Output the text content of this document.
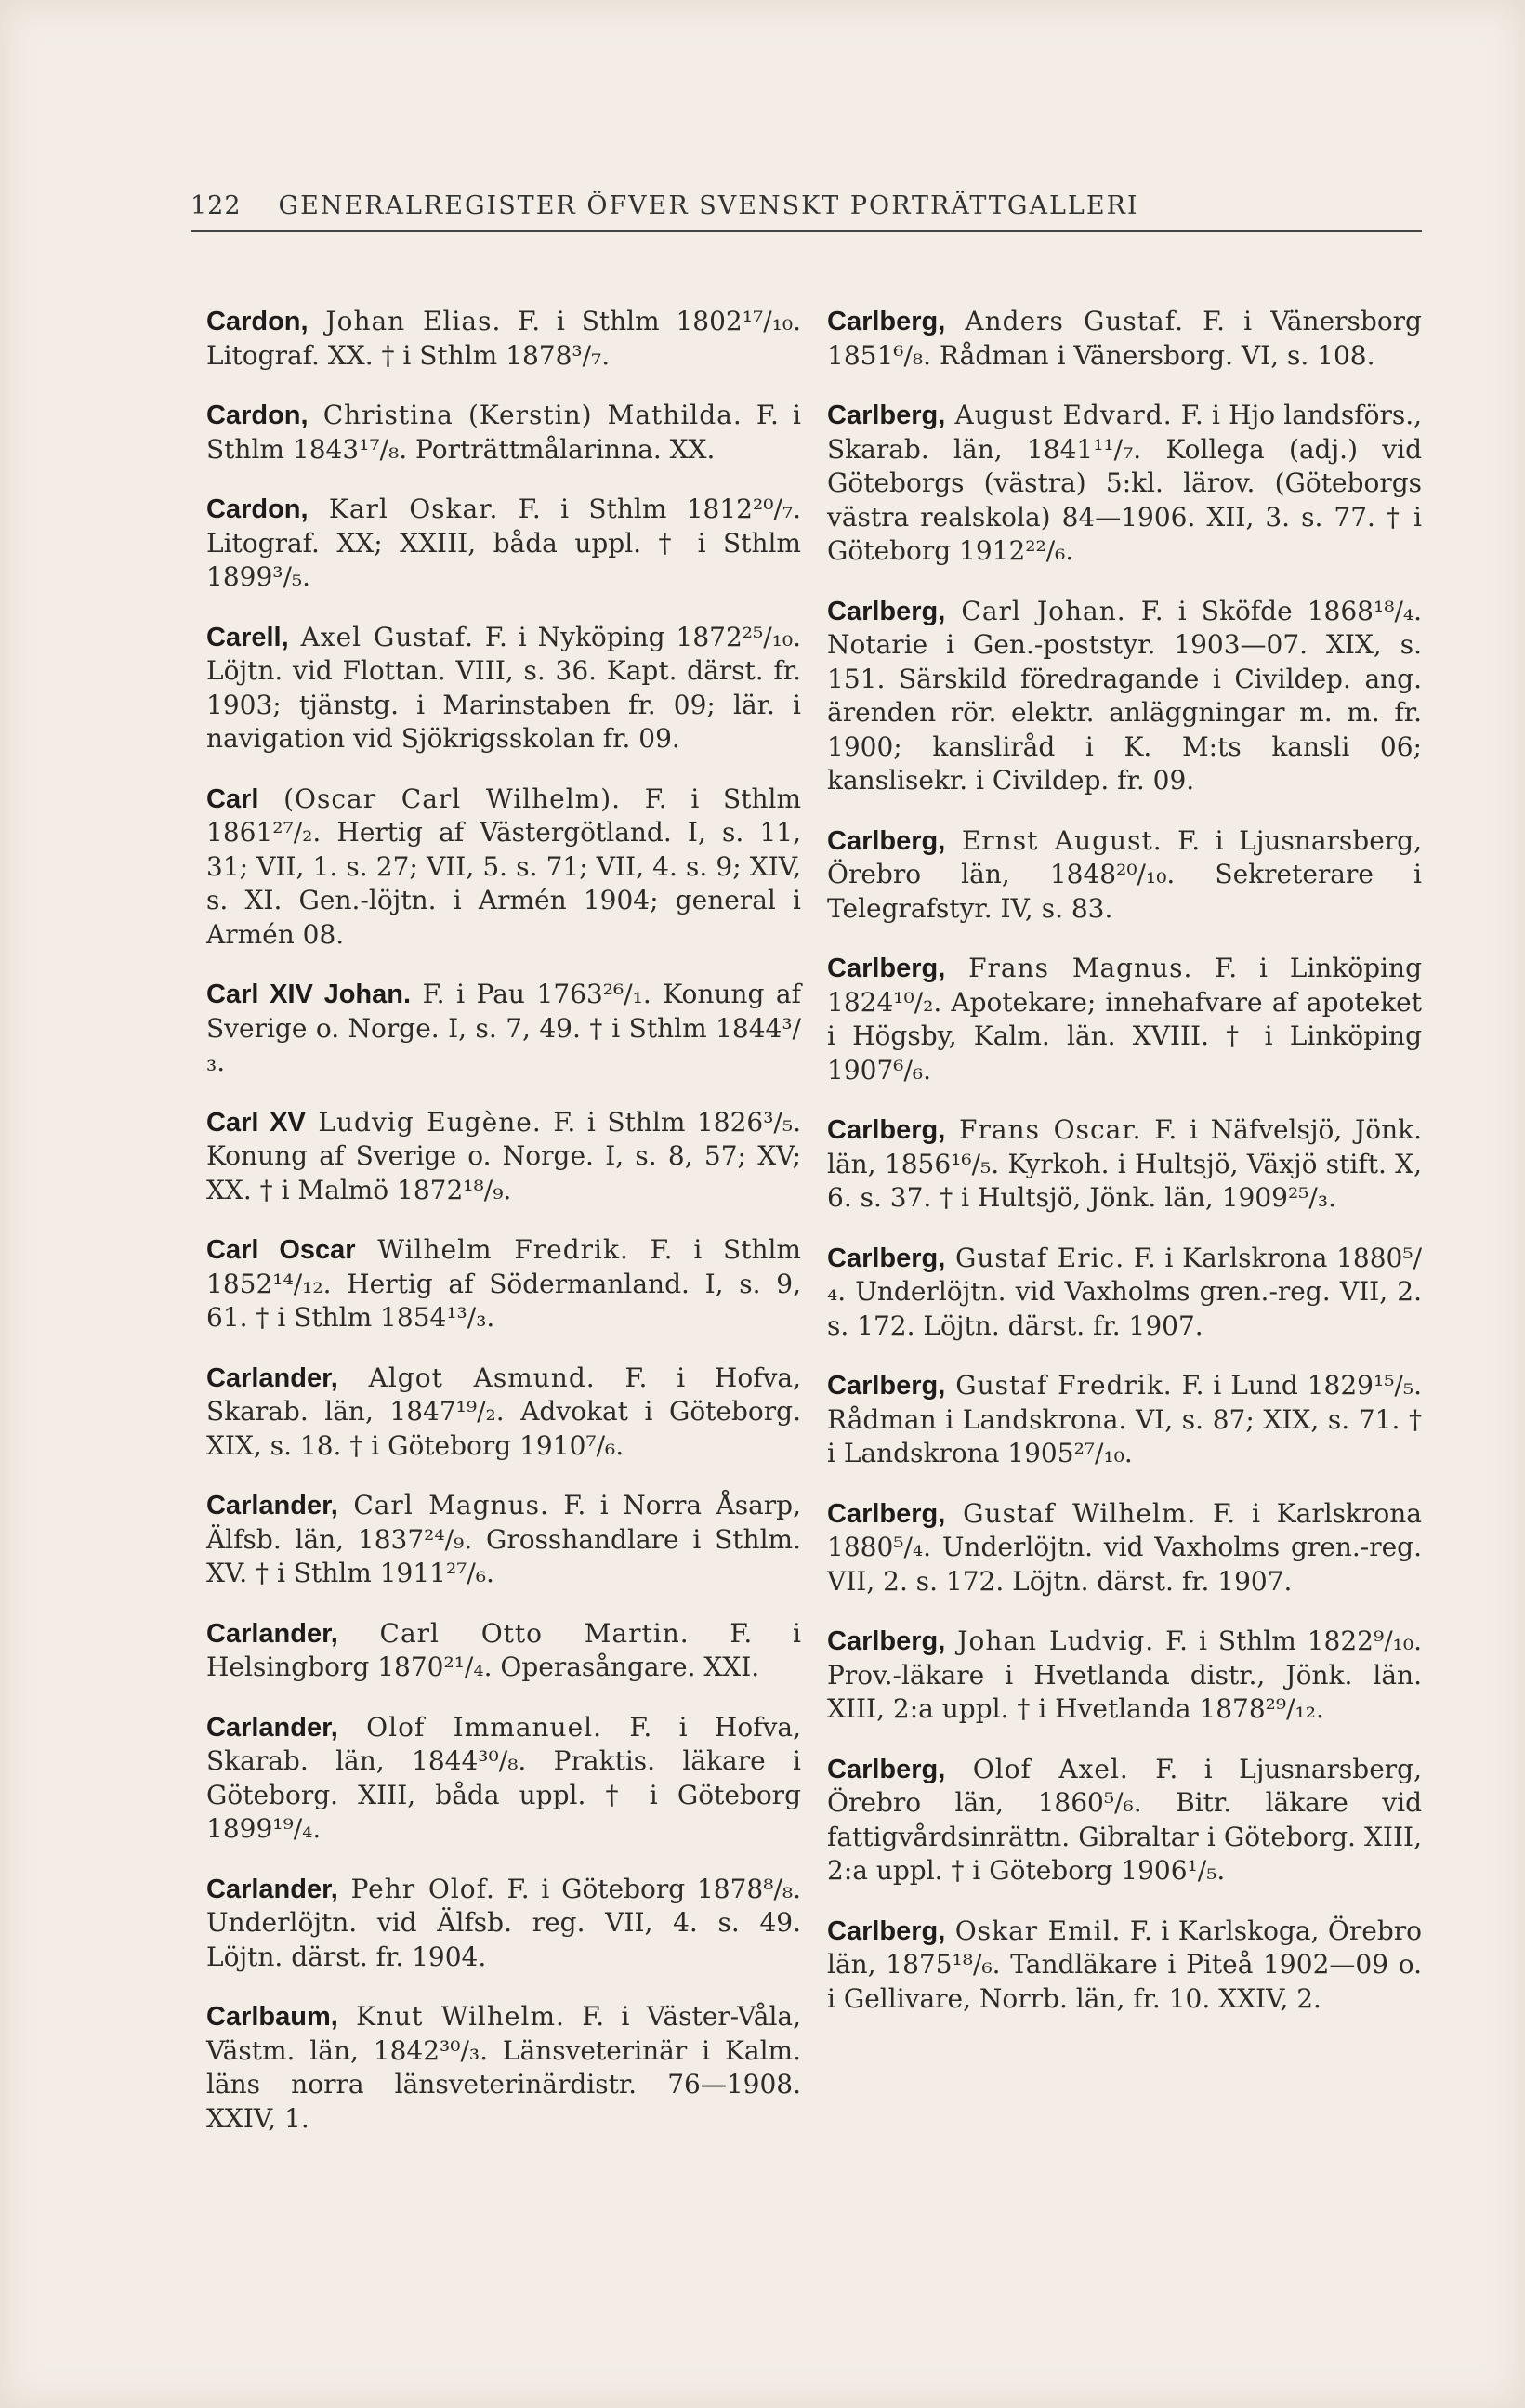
122 GENERALREGISTER ÖFVER SVENSKT PORTRÄTTGALLERI

Cardon, Johan Elias. F. i Sthlm 1802¹⁷/₁₀. Litograf. XX. † i Sthlm 1878³/₇.

Cardon, Christina (Kerstin) Mathilda. F. i Sthlm 1843¹⁷/₈. Porträttmålarinna. XX.

Cardon, Karl Oskar. F. i Sthlm 1812²⁰/₇. Litograf. XX; XXIII, båda uppl. † i Sthlm 1899³/₅.

Carell, Axel Gustaf. F. i Nyköping 1872²⁵/₁₀. Löjtn. vid Flottan. VIII, s. 36. Kapt. därst. fr. 1903; tjänstg. i Marinstaben fr. 09; lär. i navigation vid Sjökrigsskolan fr. 09.

Carl (Oscar Carl Wilhelm). F. i Sthlm 1861²⁷/₂. Hertig af Västergötland. I, s. 11, 31; VII, 1. s. 27; VII, 5. s. 71; VII, 4. s. 9; XIV, s. XI. Gen.-löjtn. i Armén 1904; general i Armén 08.

Carl XIV Johan. F. i Pau 1763²⁶/₁. Konung af Sverige o. Norge. I, s. 7, 49. † i Sthlm 1844³/₃.

Carl XV Ludvig Eugène. F. i Sthlm 1826³/₅. Konung af Sverige o. Norge. I, s. 8, 57; XV; XX. † i Malmö 1872¹⁸/₉.

Carl Oscar Wilhelm Fredrik. F. i Sthlm 1852¹⁴/₁₂. Hertig af Södermanland. I, s. 9, 61. † i Sthlm 1854¹³/₃.

Carlander, Algot Asmund. F. i Hofva, Skarab. län, 1847¹⁹/₂. Advokat i Göteborg. XIX, s. 18. † i Göteborg 1910⁷/₆.

Carlander, Carl Magnus. F. i Norra Åsarp, Älfsb. län, 1837²⁴/₉. Grosshandlare i Sthlm. XV. † i Sthlm 1911²⁷/₆.

Carlander, Carl Otto Martin. F. i Helsingborg 1870²¹/₄. Operasångare. XXI.

Carlander, Olof Immanuel. F. i Hofva, Skarab. län, 1844³⁰/₈. Praktis. läkare i Göteborg. XIII, båda uppl. † i Göteborg 1899¹⁹/₄.

Carlander, Pehr Olof. F. i Göteborg 1878⁸/₈. Underlöjtn. vid Älfsb. reg. VII, 4. s. 49. Löjtn. därst. fr. 1904.

Carlbaum, Knut Wilhelm. F. i Väster-Våla, Västm. län, 1842³⁰/₃. Länsveterinär i Kalm. läns norra länsveterinärdistr. 76—1908. XXIV, 1.

Carlberg, Anders Gustaf. F. i Vänersborg 1851⁶/₈. Rådman i Vänersborg. VI, s. 108.

Carlberg, August Edvard. F. i Hjo landsförs., Skarab. län, 1841¹¹/₇. Kollega (adj.) vid Göteborgs (västra) 5:kl. lärov. (Göteborgs västra realskola) 84—1906. XII, 3. s. 77. † i Göteborg 1912²²/₆.

Carlberg, Carl Johan. F. i Sköfde 1868¹⁸/₄. Notarie i Gen.-poststyr. 1903—07. XIX, s. 151. Särskild föredragande i Civildep. ang. ärenden rör. elektr. anläggningar m. m. fr. 1900; kansliråd i K. M:ts kansli 06; kanslisekr. i Civildep. fr. 09.

Carlberg, Ernst August. F. i Ljusnarsberg, Örebro län, 1848²⁰/₁₀. Sekreterare i Telegrafstyr. IV, s. 83.

Carlberg, Frans Magnus. F. i Linköping 1824¹⁰/₂. Apotekare; innehafvare af apoteket i Högsby, Kalm. län. XVIII. † i Linköping 1907⁶/₆.

Carlberg, Frans Oscar. F. i Näfvelsjö, Jönk. län, 1856¹⁶/₅. Kyrkoh. i Hultsjö, Växjö stift. X, 6. s. 37. † i Hultsjö, Jönk. län, 1909²⁵/₃.

Carlberg, Gustaf Eric. F. i Karlskrona 1880⁵/₄. Underlöjtn. vid Vaxholms gren.-reg. VII, 2. s. 172. Löjtn. därst. fr. 1907.

Carlberg, Gustaf Fredrik. F. i Lund 1829¹⁵/₅. Rådman i Landskrona. VI, s. 87; XIX, s. 71. † i Landskrona 1905²⁷/₁₀.

Carlberg, Gustaf Wilhelm. F. i Karlskrona 1880⁵/₄. Underlöjtn. vid Vaxholms gren.-reg. VII, 2. s. 172. Löjtn. därst. fr. 1907.

Carlberg, Johan Ludvig. F. i Sthlm 1822⁹/₁₀. Prov.-läkare i Hvetlanda distr., Jönk. län. XIII, 2:a uppl. † i Hvetlanda 1878²⁹/₁₂.

Carlberg, Olof Axel. F. i Ljusnarsberg, Örebro län, 1860⁵/₆. Bitr. läkare vid fattigvårdsinrättn. Gibraltar i Göteborg. XIII, 2:a uppl. † i Göteborg 1906¹/₅.

Carlberg, Oskar Emil. F. i Karlskoga, Örebro län, 1875¹⁸/₆. Tandläkare i Piteå 1902—09 o. i Gellivare, Norrb. län, fr. 10. XXIV, 2.
